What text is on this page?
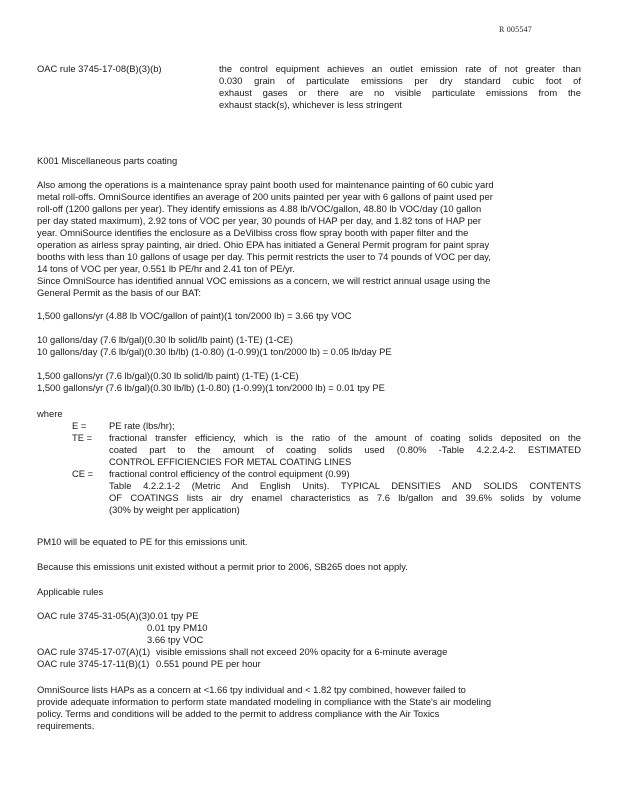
R 005547
OAC rule 3745-17-08(B)(3)(b)	the control equipment achieves an outlet emission rate of not greater than
0.030 grain of particulate emissions per dry standard cubic foot of
exhaust gases or there are no visible particulate emissions from the
exhaust stack(s), whichever is less stringent
K001 Miscellaneous parts coating
Also among the operations is a maintenance spray paint booth used for maintenance painting of 60 cubic yard
metal roll-offs. OmniSource identifies an average of 200 units painted per year with 6 gallons of paint used per
roll-off (1200 gallons per year). They identify emissions as 4.88 lb/VOC/gallon, 48.80 lb VOC/day (10 gallon
per day stated maximum), 2.92 tons of VOC per year, 30 pounds of HAP per day, and 1.82 tons of HAP per
year. OmniSource identifies the enclosure as a DeVilbiss cross flow spray booth with paper filter and the
operation as airless spray painting, air dried. Ohio EPA has initiated a General Permit program for paint spray
booths with less than 10 gallons of usage per day. This permit restricts the user to 74 pounds of VOC per day,
14 tons of VOC per year, 0.551 lb PE/hr and 2.41 ton of PE/yr.
Since OmniSource has identified annual VOC emissions as a concern, we will restrict annual usage using the
General Permit as the basis of our BAT:
1,500 gallons/yr (4.88 lb VOC/gallon of paint)(1 ton/2000 lb) = 3.66 tpy VOC
10 gallons/day (7.6 lb/gal)(0.30 lb solid/lb paint) (1-TE) (1-CE)
10 gallons/day (7.6 lb/gal)(0.30 lb/lb) (1-0.80) (1-0.99)(1 ton/2000 lb) = 0.05 lb/day PE
1,500 gallons/yr (7.6 lb/gal)(0.30 lb solid/lb paint) (1-TE) (1-CE)
1,500 gallons/yr (7.6 lb/gal)(0.30 lb/lb) (1-0.80) (1-0.99)(1 ton/2000 lb) = 0.01 tpy PE
where
E =	PE rate (lbs/hr);
TE =	fractional transfer efficiency, which is the ratio of the amount of coating solids deposited on the
coated part to the amount of coating solids used (0.80% -Table 4.2.2.4-2. ESTIMATED
CONTROL EFFICIENCIES FOR METAL COATING LINES
CE =	fractional control efficiency of the control equipment (0.99)
Table 4.2.2.1-2 (Metric And English Units). TYPICAL DENSITIES AND SOLIDS CONTENTS
OF COATINGS lists air dry enamel characteristics as 7.6 lb/gallon and 39.6% solids by volume
(30% by weight per application)
PM10 will be equated to PE for this emissions unit.
Because this emissions unit existed without a permit prior to 2006, SB265 does not apply.
Applicable rules
OAC rule 3745-31-05(A)(3) 0.01 tpy PE
0.01 tpy PM10
3.66 tpy VOC
OAC rule 3745-17-07(A)(1) visible emissions shall not exceed 20% opacity for a 6-minute average
OAC rule 3745-17-11(B)(1) 0.551 pound PE per hour
OmniSource lists HAPs as a concern at <1.66 tpy individual and < 1.82 tpy combined, however failed to
provide adequate information to perform state mandated modeling in compliance with the State's air modeling
policy. Terms and conditions will be added to the permit to address compliance with the Air Toxics
requirements.
